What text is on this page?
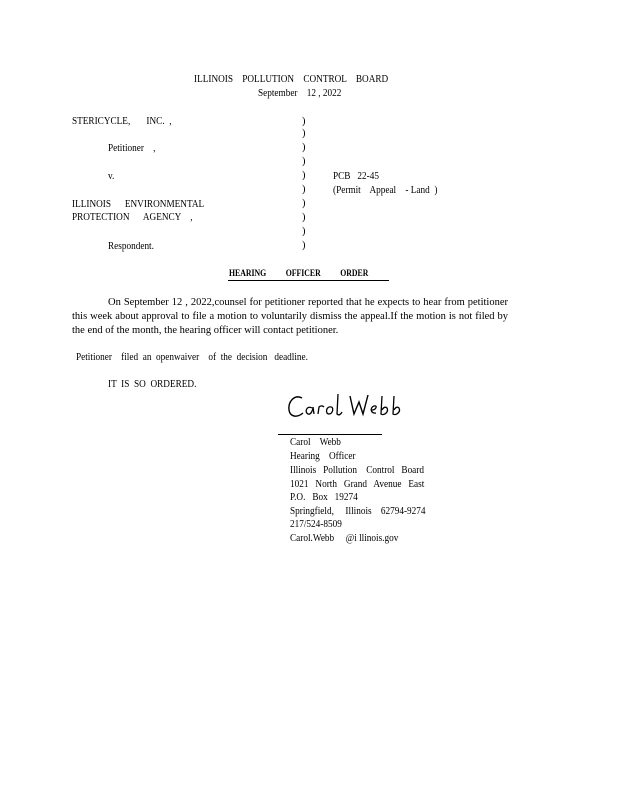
ILLINOIS    POLLUTION    CONTROL    BOARD
September    12 , 2022
STERICYCLE,       INC.  ,
Petitioner    ,
v.
ILLINOIS      ENVIRONMENTAL
PROTECTION      AGENCY    ,
Respondent.
)
)
)
)
)
)
)
)
)
)
PCB   22-45
(Permit    Appeal    - Land  )
HEARING          OFFICER          ORDER
On September 12 , 2022,counsel for petitioner reported that he expects to hear from petitioner this week about approval to file a motion to voluntarily dismiss the appeal.If the motion is not filed by the end of the month, the hearing officer will contact petitioner.
Petitioner    filed  an  openwaiver    of  the  decision   deadline.
IT  IS  SO  ORDERED.
Carol    Webb
Hearing    Officer
Illinois   Pollution    Control   Board
1021   North   Grand   Avenue   East
P.O.   Box   19274
Springfield,     Illinois    62794-9274
217/524-8509
Carol.Webb     @i llinois.gov
